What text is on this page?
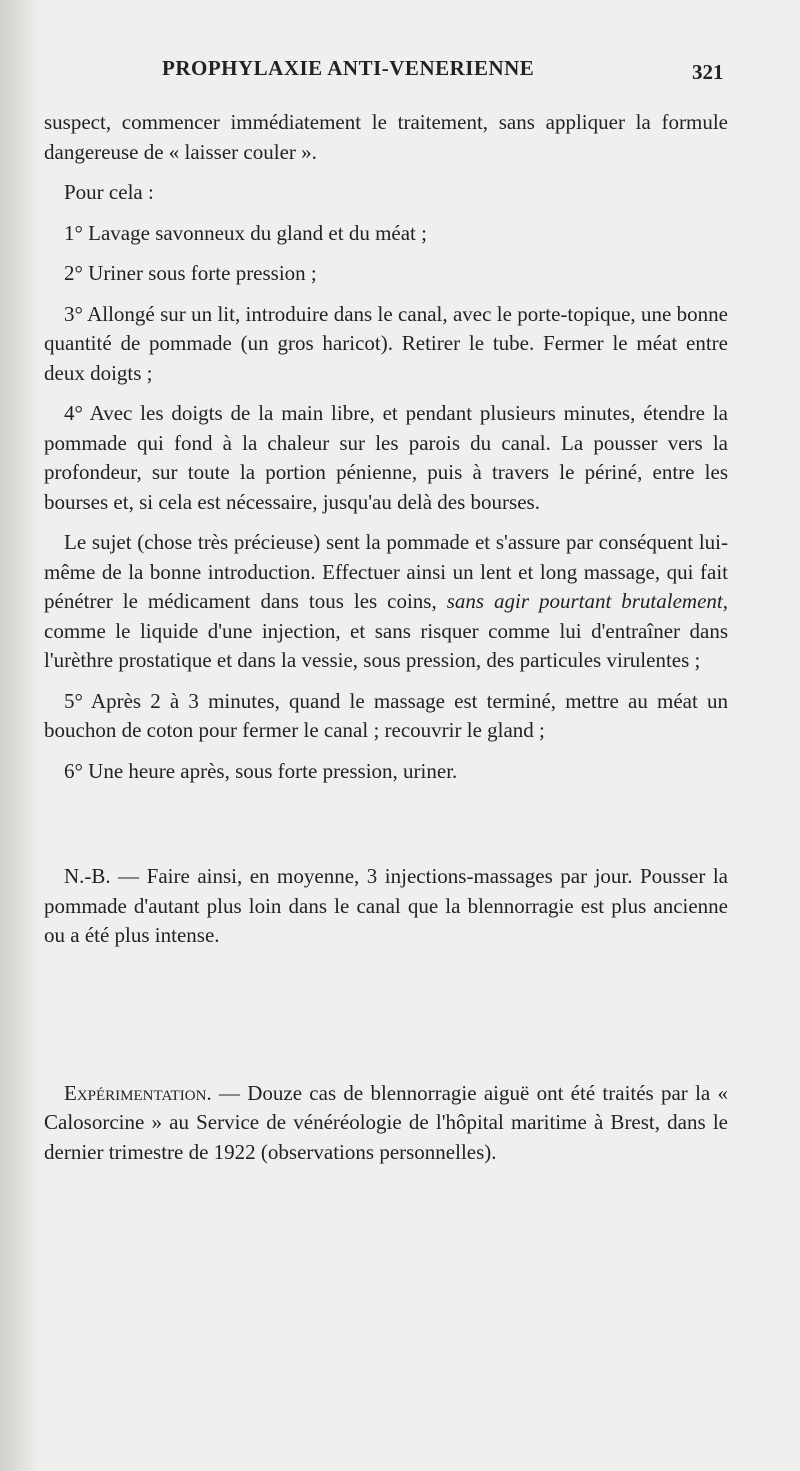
PROPHYLAXIE ANTI-VENERIENNE	321

suspect, commencer immédiatement le traitement, sans appliquer la formule dangereuse de « laisser couler ».

Pour cela :

1° Lavage savonneux du gland et du méat ;

2° Uriner sous forte pression ;

3° Allongé sur un lit, introduire dans le canal, avec le porte-topique, une bonne quantité de pommade (un gros haricot). Retirer le tube. Fermer le méat entre deux doigts ;

4° Avec les doigts de la main libre, et pendant plusieurs minutes, étendre la pommade qui fond à la chaleur sur les parois du canal. La pousser vers la profondeur, sur toute la portion pénienne, puis à travers le périné, entre les bourses et, si cela est nécessaire, jusqu'au delà des bourses.

Le sujet (chose très précieuse) sent la pommade et s'assure par conséquent lui-même de la bonne introduction. Effectuer ainsi un lent et long massage, qui fait pénétrer le médicament dans tous les coins, sans agir pourtant brutalement, comme le liquide d'une injection, et sans risquer comme lui d'entraîner dans l'urèthre prostatique et dans la vessie, sous pression, des particules virulentes ;

5° Après 2 à 3 minutes, quand le massage est terminé, mettre au méat un bouchon de coton pour fermer le canal ; recouvrir le gland ;

6° Une heure après, sous forte pression, uriner.

N.-B. — Faire ainsi, en moyenne, 3 injections-massages par jour. Pousser la pommade d'autant plus loin dans le canal que la blennorragie est plus ancienne ou a été plus intense.

Expérimentation. — Douze cas de blennorragie aiguë ont été traités par la « Calosorcine » au Service de vénéréologie de l'hôpital maritime à Brest, dans le dernier trimestre de 1922 (observations personnelles).
